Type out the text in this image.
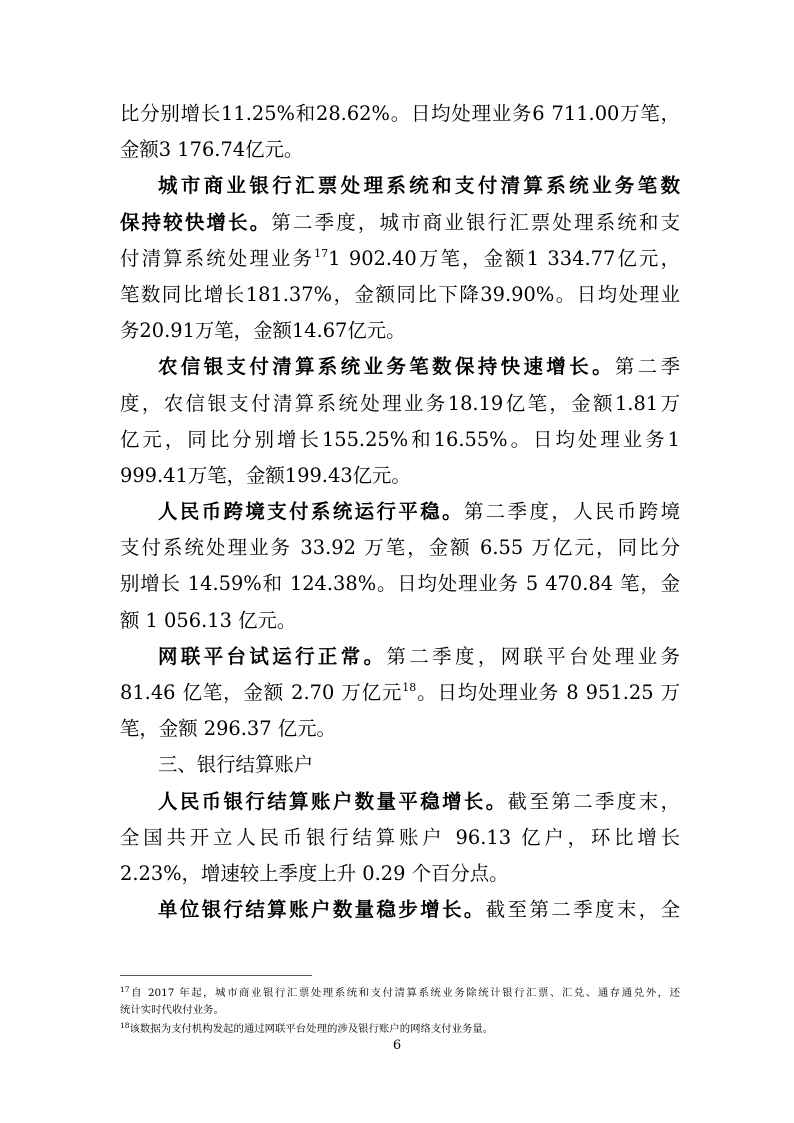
比分别增长11.25%和28.62%。日均处理业务6 711.00万笔，
金额3 176.74亿元。
城市商业银行汇票处理系统和支付清算系统业务笔数
保持较快增长。第二季度，城市商业银行汇票处理系统和支
付清算系统处理业务$^{17}$1 902.40万笔，金额1 334.77亿元，
笔数同比增长181.37%，金额同比下降39.90%。日均处理业
务20.91万笔，金额14.67亿元。
农信银支付清算系统业务笔数保持快速增长。第二季
度，农信银支付清算系统处理业务18.19亿笔，金额1.81万
亿元，同比分别增长155.25%和16.55%。日均处理业务1
999.41万笔，金额199.43亿元。
人民币跨境支付系统运行平稳。第二季度，人民币跨境
支付系统处理业务 33.92 万笔，金额 6.55 万亿元，同比分
别增长 14.59%和 124.38%。日均处理业务 5 470.84 笔，金
额 1 056.13 亿元。
网联平台试运行正常。第二季度，网联平台处理业务
81.46 亿笔，金额 2.70 万亿元$^{18}$。日均处理业务 8 951.25 万
笔，金额 296.37 亿元。
三、银行结算账户
人民币银行结算账户数量平稳增长。截至第二季度末，
全国共开立人民币银行结算账户 96.13 亿户，环比增长
2.23%，增速较上季度上升 0.29 个百分点。
单位银行结算账户数量稳步增长。截至第二季度末，全
$^{17}$自 2017 年起，城市商业银行汇票处理系统和支付清算系统业务除统计银行汇票、汇兑、通存通兑外，还
统计实时代收付业务。
$^{18}$该数据为支付机构发起的通过网联平台处理的涉及银行账户的网络支付业务量。
6
